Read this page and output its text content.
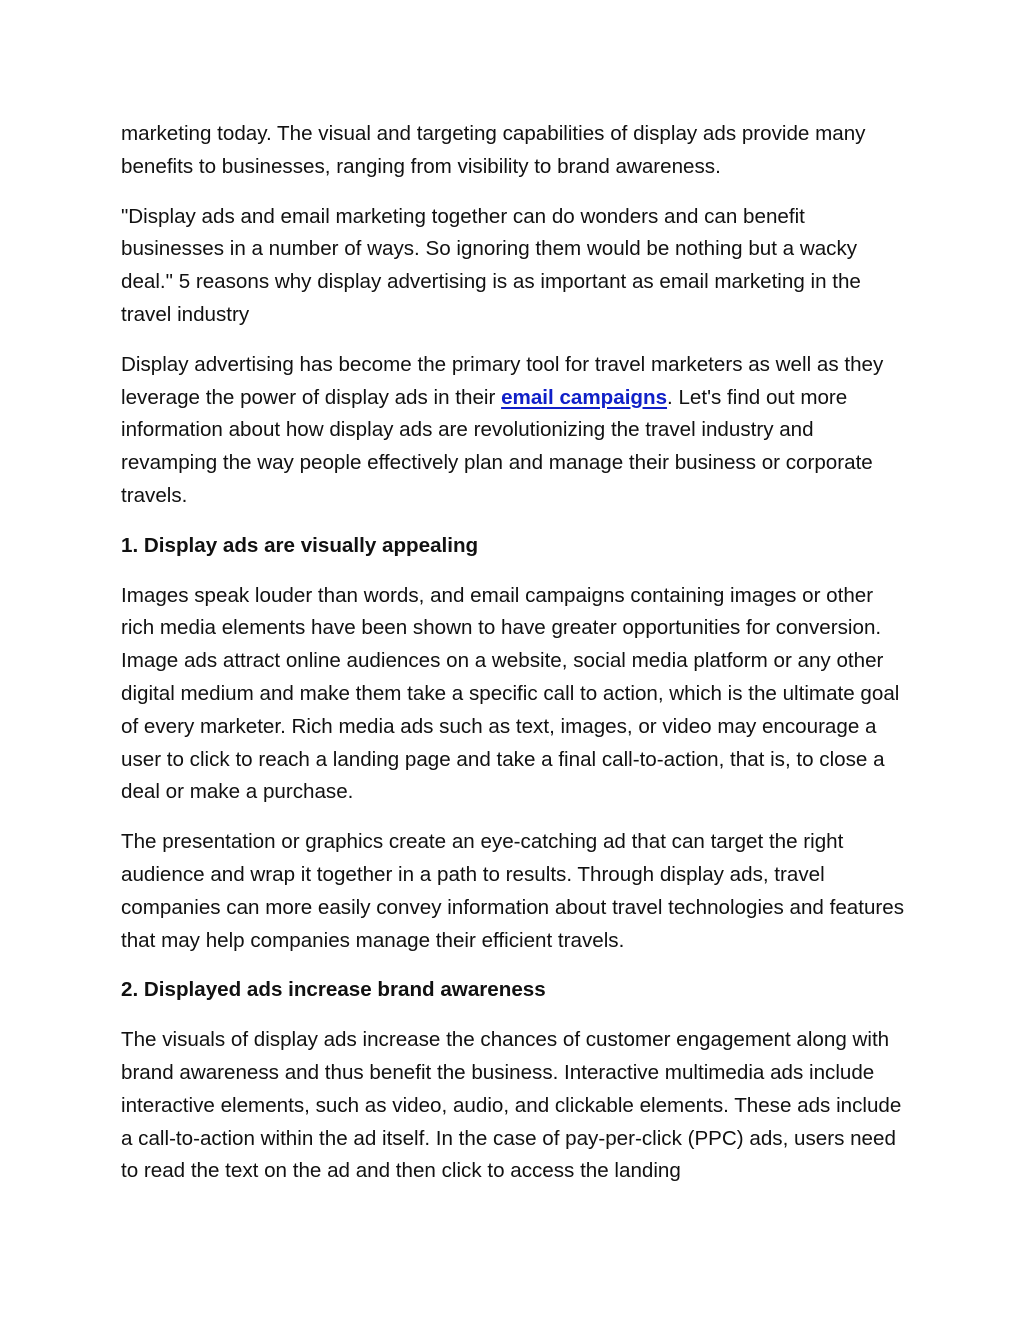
marketing today. The visual and targeting capabilities of display ads provide many benefits to businesses, ranging from visibility to brand awareness.

"Display ads and email marketing together can do wonders and can benefit businesses in a number of ways. So ignoring them would be nothing but a wacky deal." 5 reasons why display advertising is as important as email marketing in the travel industry

Display advertising has become the primary tool for travel marketers as well as they leverage the power of display ads in their email campaigns. Let's find out more information about how display ads are revolutionizing the travel industry and revamping the way people effectively plan and manage their business or corporate travels.

1. Display ads are visually appealing

Images speak louder than words, and email campaigns containing images or other rich media elements have been shown to have greater opportunities for conversion. Image ads attract online audiences on a website, social media platform or any other digital medium and make them take a specific call to action, which is the ultimate goal of every marketer. Rich media ads such as text, images, or video may encourage a user to click to reach a landing page and take a final call-to-action, that is, to close a deal or make a purchase.

The presentation or graphics create an eye-catching ad that can target the right audience and wrap it together in a path to results. Through display ads, travel companies can more easily convey information about travel technologies and features that may help companies manage their efficient travels.

2. Displayed ads increase brand awareness

The visuals of display ads increase the chances of customer engagement along with brand awareness and thus benefit the business. Interactive multimedia ads include interactive elements, such as video, audio, and clickable elements. These ads include a call-to-action within the ad itself. In the case of pay-per-click (PPC) ads, users need to read the text on the ad and then click to access the landing
